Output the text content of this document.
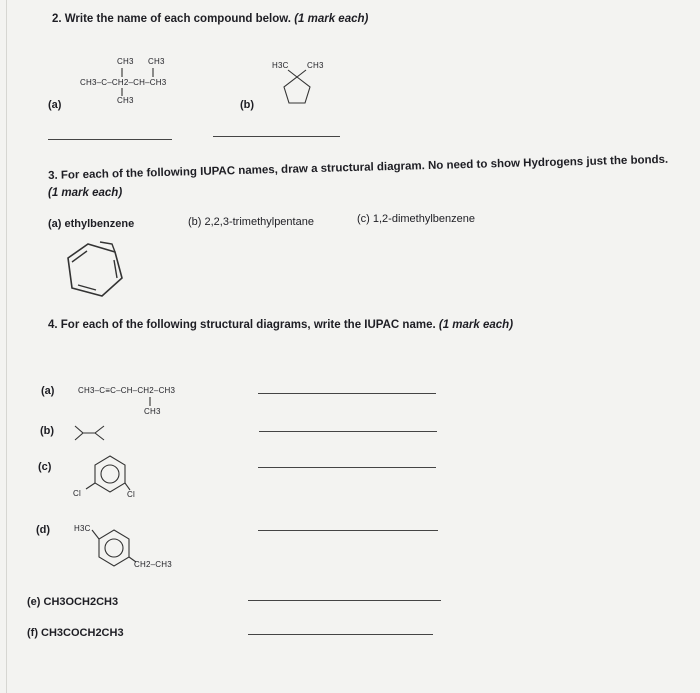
2. Write the name of each compound below. (1 mark each)
(a)
CH3 CH3
CH3–C–CH2–CH–CH3
CH3	(b)
H3C CH3
3. For each of the following IUPAC names, draw a structural diagram. No need to show Hydrogens just the bonds.
(1 mark each)
(a) ethylbenzene	(b) 2,2,3-trimethylpentane	(c) 1,2-dimethylbenzene
4. For each of the following structural diagrams, write the IUPAC name. (1 mark each)
(a)	CH3–C≡C–CH–CH2–CH3
CH3
(b)
(c)
Cl	Cl
(d)	H3C
CH2–CH3
(e) CH3OCH2CH3
(f) CH3COCH2CH3
